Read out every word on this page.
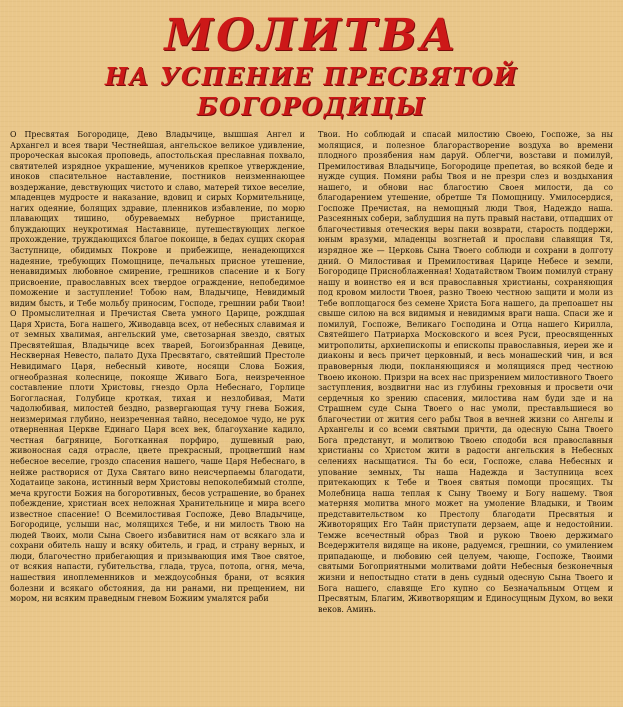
МОЛИТВА
НА УСПЕНИЕ ПРЕСВЯТОЙ БОГОРОДИЦЫ

О Пресвятая Богородице, Дево Владычице, вышшая Ангел и Архангел и всея твари Честнейшая, ангельское великое удивление, пророческая высокая проповедь, апостольская преславная похвало, святителей изрядное украшение, мучеников крепкое утверждение, иноков спасительное наставление, постников неизменнающее воздержание, девствующих чистото и славо, матерей тихое веселие, младенцев мудросте и наказание, вдовиц и сирых Кормительнице, нагих одеяние, болящих здравие, пленников избавление, по морю плавающих тишино, обуреваемых небурное пристанище, блуждающих неукротимая Наставнице, путешествующих легкое прохождение, труждающихся благое покоище, в бедах сущих скорая Заступнице, обидимых Покрове и прибежище, ненадеющихся надеяние, требующих Помощнице, печальных присное утешение, ненавидимых любовное смирение, грешников спасение и к Богу присвоение, православных всех твердое ограждение, непобедимое поможение и заступление! Тобою нам, Владычице, Невидимый видим бысть, и Тебе мольбу приносим, Господе, грешнии раби Твои! О Промыслителная и Пречистая Света умного Царице, рождшая Царя Христа, Бога нашего, Живодавца всех, от небесных славимая и от земных хвалимая, ангельский уме, светозарная звездо, святых Пресвятейшая, Владычице всех тварей, Богоизбранная Девице, Нескверная Невесто, палато Духа Пресвятаго, святейший Престоле Невидимаго Царя, небесный кивоте, носящи Слова Божия, огнеобразная колеснице, покояще Живаго Бога, неизреченное составление плоти Христовы, гнездо Орла Небеснаго, Горлице Богогласная, Голубице кроткая, тихая и незлобивая, Мати чадолюбивая, милостей бездно, развергающая тучу гнева Божия, неизмеримая глубино, неизреченная тайно, неседомое чудо, не рук отверненная Церкве Единаго Царя всех век, благоухание кадило, честная багрянице, Боготканная порфиро, душевный раю, живоносная садя отрасле, цвете прекрасный, процветший нам небесное веселие, гроздо спасения нашего, чаше Царя Небеснаго, в нейже растворися от Духа Святаго вино неисчерпаемы благодати, Ходатаице закона, истинный верм Христовы непоколебимый столпе, меча кругости Божия на богоротивных, бесов устрашение, во бранех побеждение, христиан всех неложная Хранительнице и мира всего известное спасение! О Всемилостивая Госпоже, Дево Владычице, Богородице, услыши нас, молящихся Тебе, и ни милость Твою на людей Твоих, моли Сына Своего избавитися нам от всякаго зла и сохрани обитель нашу и всяку обитель, и град, и страну верных, и люди, благочестно прибегающия и призывающия имя Твое святое, от всякия напасти, губительства, глада, труса, потопа, огня, меча, нашествия иноплеменников и междоусобныя брани, от всякия болезни и всякаго обстояния, да ни ранами, ни прещением, ни мором, ни всяким праведным гневом Божиим умалятся раби

Твои. Но соблюдай и спасай милостию Своею, Госпоже, за ны молящися, и полезное благорастворение воздуха во времени плодного прозябения нам даруй. Облегчи, возстави и помилуй, Премилостивая Владычице, Богородице препетая, во всякой беде и нужде сущия. Помяни рабы Твоя и не презри слез и воздыхания нашего, и обнови нас благостию Своея милости, да со благодарением утешение, обретше Тя Помощницу. Умилосердися, Госпоже Пречистая, на немощный люди Твоя, Надеждо наша. Разсеянных собери, заблудшия на путь правый настави, отпадших от благочестивыя отеческия веры паки возврати, старость поддержи, юным вразуми, младенцы возгнетай и прослави славящия Тя, изрядное же — Церковь Сына Твоего соблюди и сохрани в долготу дний. О Милостивая и Премилостивая Царице Небесе и земли, Богородице Присноблаженная! Ходатайством Твоим помилуй страну нашу и воинство ея и вся православныя христианы, сохраняющия под кровом милости Твоея, разно Твоею честною защити и моли из Тебе воплощагося без семене Христа Бога нашего, да препоашет ны свыше силою на вся видимыя и невидимыя враги наша. Спаси же и помилуй, Госпоже, Великаго Господина и Отца нашего Кирилла, Святейшего Патриарха Московского и всея Руси, преосвященных митрополиты, архиепископы и епископы православныя, иереи же и диаконы и весь причет церковный, и весь монашеский чин, и вся правоверныя люди, покланяющияся и молящияся пред честною Твоею иконою. Призри на всех нас призрением милостивного Твоего заступления, воздвигни нас из глубины греховныя и просвети очи сердечныя ко зрению спасения, милостива нам буди зде и на Страшнем суде Сына Твоего о нас умоли, преставльшиеся во благочестии от жития сего рабы Твоя в вечней жизни со Ангелы и Архангелы и со всеми святыми причти, да одесную Сына Твоего Бога предстанут, и молитвою Твоею сподоби вся православныя христианы со Христом жити в радости ангельския в Небесных селениях насыщатися. Ты бо еси, Госпоже, слава Небесных и упование земных, Ты наша Надежда и Заступница всех притекающих к Тебе и Твоея святыя помощи просящих. Ты Молебница наша теплая к Сыну Твоему и Богу нашему. Твоя матерняя молитва много может на умоление Владыки, и Твоим представительством ко Престолу благодати Пресвятыя и Животорящих Его Тайн приступати дерзаем, аще и недостойнии. Темже всечестный образ Твой и рукою Твоею держимаго Вседержителя видяще на иконе, радуемся, грешнии, со умилением припадающе, и любовию сей целуем, чающе, Госпоже, Твоими святыми Богоприятными молитвами дойти Небесныя безконечныя жизни и непостыдно стати в день судный одесную Сына Твоего и Бога нашего, славяще Его купно со Безначальным Отцем и Пресвятым, Благим, Животворящим и Единосущным Духом, во веки веков. Аминь.
